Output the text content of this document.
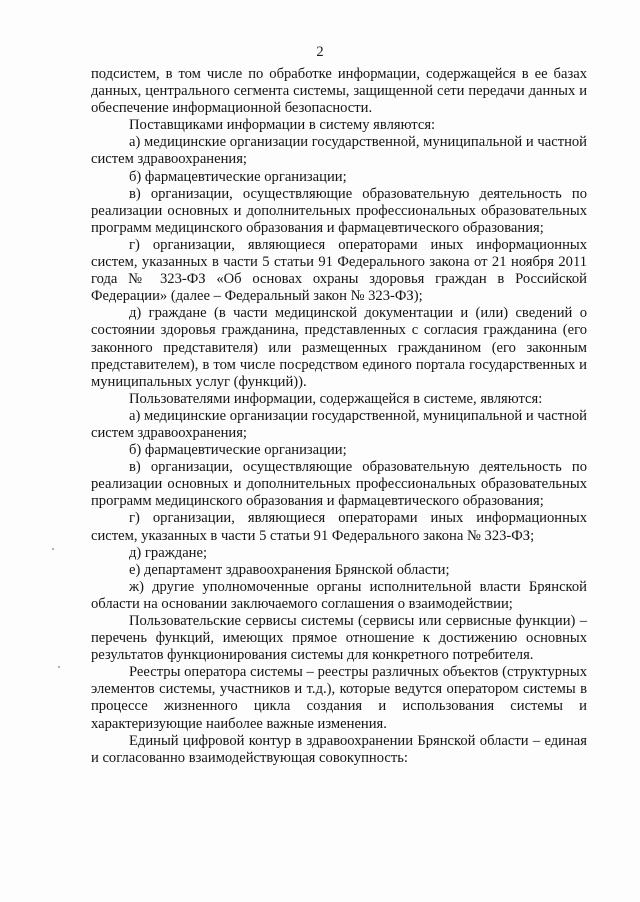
2

подсистем, в том числе по обработке информации, содержащейся в ее базах данных, центрального сегмента системы, защищенной сети передачи данных и обеспечение информационной безопасности.

Поставщиками информации в систему являются:

а) медицинские организации государственной, муниципальной и частной систем здравоохранения;

б) фармацевтические организации;

в) организации, осуществляющие образовательную деятельность по реализации основных и дополнительных профессиональных образовательных программ медицинского образования и фармацевтического образования;

г) организации, являющиеся операторами иных информационных систем, указанных в части 5 статьи 91 Федерального закона от 21 ноября 2011 года № 323-ФЗ «Об основах охраны здоровья граждан в Российской Федерации» (далее – Федеральный закон № 323-ФЗ);

д) граждане (в части медицинской документации и (или) сведений о состоянии здоровья гражданина, представленных с согласия гражданина (его законного представителя) или размещенных гражданином (его законным представителем), в том числе посредством единого портала государственных и муниципальных услуг (функций)).

Пользователями информации, содержащейся в системе, являются:

а) медицинские организации государственной, муниципальной и частной систем здравоохранения;

б) фармацевтические организации;

в) организации, осуществляющие образовательную деятельность по реализации основных и дополнительных профессиональных образовательных программ медицинского образования и фармацевтического образования;

г) организации, являющиеся операторами иных информационных систем, указанных в части 5 статьи 91 Федерального закона № 323-ФЗ;

д) граждане;

е) департамент здравоохранения Брянской области;

ж) другие уполномоченные органы исполнительной власти Брянской области на основании заключаемого соглашения о взаимодействии;

Пользовательские сервисы системы (сервисы или сервисные функции) – перечень функций, имеющих прямое отношение к достижению основных результатов функционирования системы для конкретного потребителя.

Реестры оператора системы – реестры различных объектов (структурных элементов системы, участников и т.д.), которые ведутся оператором системы в процессе жизненного цикла создания и использования системы и характеризующие наиболее важные изменения.

Единый цифровой контур в здравоохранении Брянской области – единая и согласованно взаимодействующая совокупность:
